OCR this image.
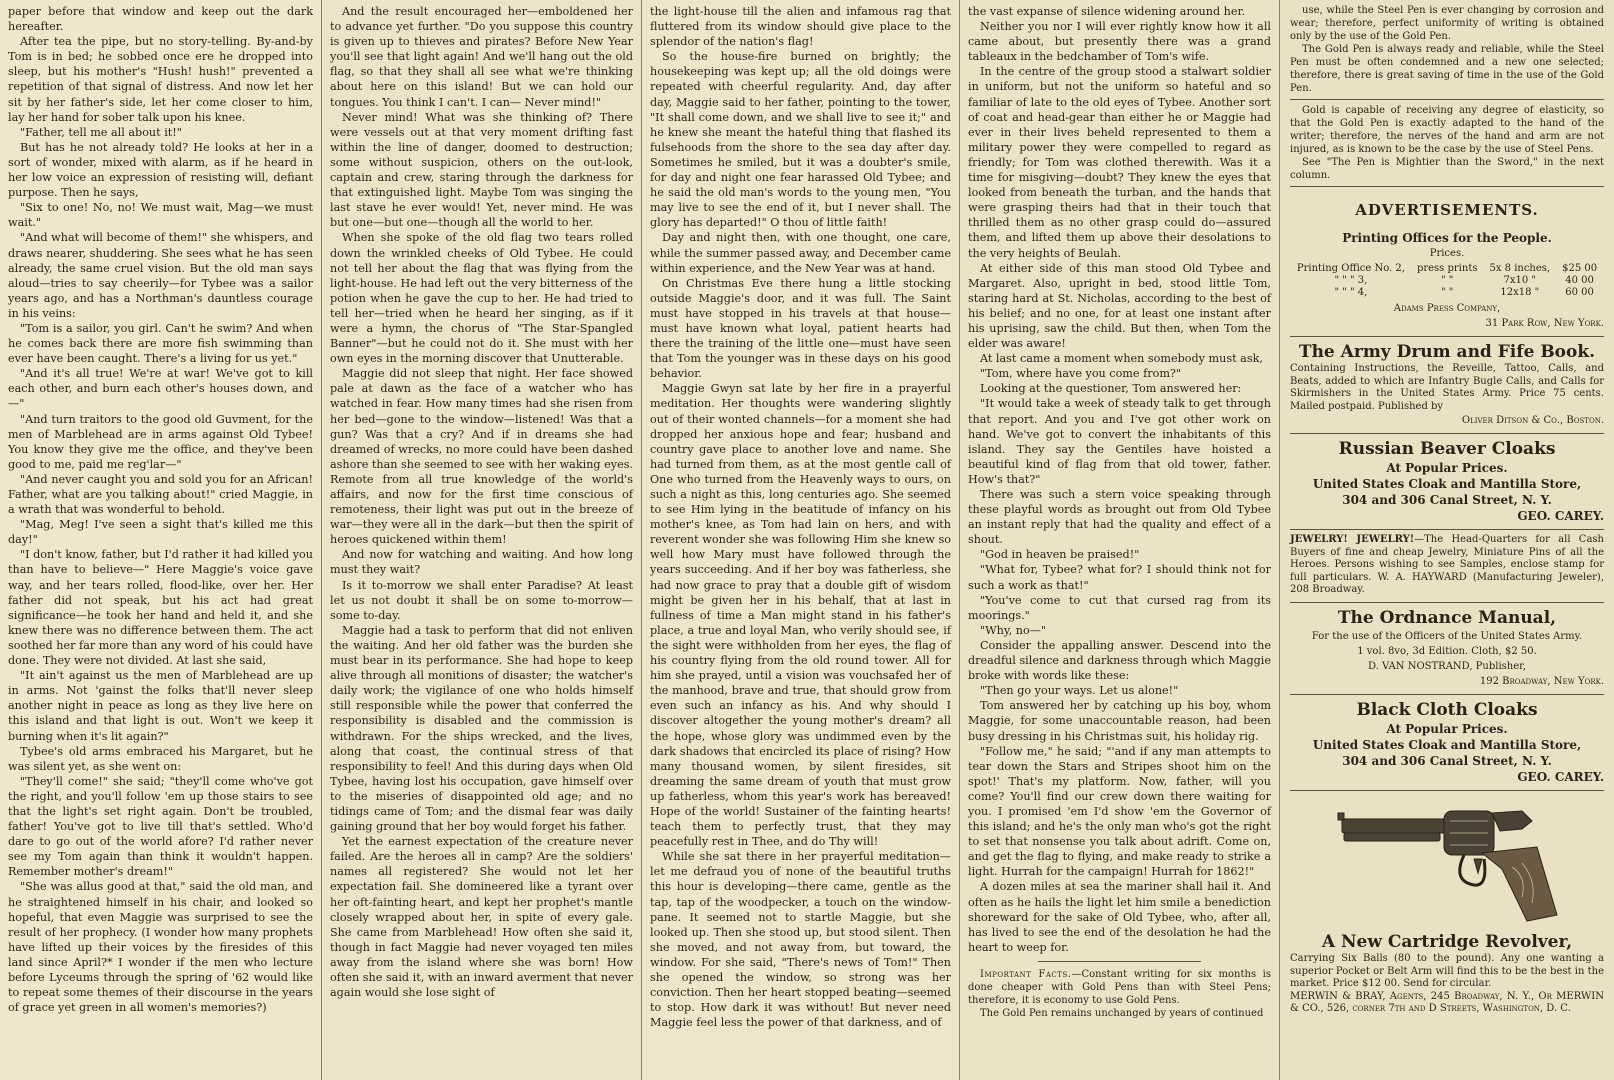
paper before that window and keep out the dark hereafter.

After tea the pipe, but no story-telling. By-and-by Tom is in bed; he sobbed once ere he dropped into sleep, but his mother's "Hush! hush!" prevented a repetition of that signal of distress. And now let her sit by her father's side, let her come closer to him, lay her hand for sober talk upon his knee.

"Father, tell me all about it!"

But has he not already told? He looks at her in a sort of wonder, mixed with alarm, as if he heard in her low voice an expression of resisting will, defiant purpose. Then he says,

"Six to one! No, no! We must wait, Mag—we must wait."

"And what will become of them!" she whispers, and draws nearer, shuddering. She sees what he has seen already, the same cruel vision. But the old man says aloud—tries to say cheerily—for Tybee was a sailor years ago, and has a Northman's dauntless courage in his veins:

"Tom is a sailor, you girl. Can't he swim? And when he comes back there are more fish swimming than ever have been caught. There's a living for us yet."

"And it's all true! We're at war! We've got to kill each other, and burn each other's houses down, and—"

"And turn traitors to the good old Guvment, for the men of Marblehead are in arms against Old Tybee! You know they give me the office, and they've been good to me, paid me reg'lar—"

"And never caught you and sold you for an African! Father, what are you talking about!" cried Maggie, in a wrath that was wonderful to behold.

"Mag, Meg! I've seen a sight that's killed me this day!"

"I don't know, father, but I'd rather it had killed you than have to believe—" Here Maggie's voice gave way, and her tears rolled, flood-like, over her. Her father did not speak, but his act had great significance—he took her hand and held it, and she knew there was no difference between them. The act soothed her far more than any word of his could have done. They were not divided. At last she said,

"It ain't against us the men of Marblehead are up in arms. Not 'gainst the folks that'll never sleep another night in peace as long as they live here on this island and that light is out. Won't we keep it burning when it's lit again?"

Tybee's old arms embraced his Margaret, but he was silent yet, as she went on:

"They'll come!" she said; "they'll come who've got the right, and you'll follow 'em up those stairs to see that the light's set right again. Don't be troubled, father! You've got to live till that's settled. Who'd dare to go out of the world afore? I'd rather never see my Tom again than think it wouldn't happen. Remember mother's dream!"

"She was allus good at that," said the old man, and he straightened himself in his chair, and looked so hopeful, that even Maggie was surprised to see the result of her prophecy. (I wonder how many prophets have lifted up their voices by the firesides of this land since April?* I wonder if the men who lecture before Lyceums through the spring of '62 would like to repeat some themes of their discourse in the years of grace yet green in all women's memories?)

And the result encouraged her—emboldened her to advance yet further. "Do you suppose this country is given up to thieves and pirates? Before New Year you'll see that light again! And we'll hang out the old flag, so that they shall all see what we're thinking about here on this island! But we can hold our tongues. You think I can't. I can— Never mind!"

Never mind! What was she thinking of? There were vessels out at that very moment drifting fast within the line of danger, doomed to destruction; some without suspicion, others on the out-look, captain and crew, staring through the darkness for that extinguished light. Maybe Tom was singing the last stave he ever would! Yet, never mind. He was but one—but one—though all the world to her.

When she spoke of the old flag two tears rolled down the wrinkled cheeks of Old Tybee. He could not tell her about the flag that was flying from the light-house. He had left out the very bitterness of the potion when he gave the cup to her. He had tried to tell her—tried when he heard her singing, as if it were a hymn, the chorus of "The Star-Spangled Banner"—but he could not do it. She must with her own eyes in the morning discover that Unutterable.

Maggie did not sleep that night. Her face showed pale at dawn as the face of a watcher who has watched in fear. How many times had she risen from her bed—gone to the window—listened! Was that a gun? Was that a cry? And if in dreams she had dreamed of wrecks, no more could have been dashed ashore than she seemed to see with her waking eyes. Remote from all true knowledge of the world's affairs, and now for the first time conscious of remoteness, their light was put out in the breeze of war—they were all in the dark—but then the spirit of heroes quickened within them!

And now for watching and waiting. And how long must they wait?

Is it to-morrow we shall enter Paradise? At least let us not doubt it shall be on some to-morrow—some to-day.

Maggie had a task to perform that did not enliven the waiting. And her old father was the burden she must bear in its performance. She had hope to keep alive through all monitions of disaster; the watcher's daily work; the vigilance of one who holds himself still responsible while the power that conferred the responsibility is disabled and the commission is withdrawn. For the ships wrecked, and the lives, along that coast, the continual stress of that responsibility to feel! And this during days when Old Tybee, having lost his occupation, gave himself over to the miseries of disappointed old age; and no tidings came of Tom; and the dismal fear was daily gaining ground that her boy would forget his father.

Yet the earnest expectation of the creature never failed. Are the heroes all in camp? Are the soldiers' names all registered? She would not let her expectation fail. She domineered like a tyrant over her oft-fainting heart, and kept her prophet's mantle closely wrapped about her, in spite of every gale. She came from Marblehead! How often she said it, though in fact Maggie had never voyaged ten miles away from the island where she was born! How often she said it, with an inward averment that never again would she lose sight of

the light-house till the alien and infamous rag that fluttered from its window should give place to the splendor of the nation's flag!

So the house-fire burned on brightly; the housekeeping was kept up; all the old doings were repeated with cheerful regularity. And, day after day, Maggie said to her father, pointing to the tower, "It shall come down, and we shall live to see it;" and he knew she meant the hateful thing that flashed its fulsehoods from the shore to the sea day after day. Sometimes he smiled, but it was a doubter's smile, for day and night one fear harassed Old Tybee; and he said the old man's words to the young men, "You may live to see the end of it, but I never shall. The glory has departed!" O thou of little faith!

Day and night then, with one thought, one care, while the summer passed away, and December came within experience, and the New Year was at hand.

On Christmas Eve there hung a little stocking outside Maggie's door, and it was full. The Saint must have stopped in his travels at that house—must have known what loyal, patient hearts had there the training of the little one—must have seen that Tom the younger was in these days on his good behavior.

Maggie Gwyn sat late by her fire in a prayerful meditation. Her thoughts were wandering slightly out of their wonted channels—for a moment she had dropped her anxious hope and fear; husband and country gave place to another love and name. She had turned from them, as at the most gentle call of One who turned from the Heavenly ways to ours, on such a night as this, long centuries ago. She seemed to see Him lying in the beatitude of infancy on his mother's knee, as Tom had lain on hers, and with reverent wonder she was following Him she knew so well how Mary must have followed through the years succeeding. And if her boy was fatherless, she had now grace to pray that a double gift of wisdom might be given her in his behalf, that at last in fullness of time a Man might stand in his father's place, a true and loyal Man, who verily should see, if the sight were withholden from her eyes, the flag of his country flying from the old round tower. All for him she prayed, until a vision was vouchsafed her of the manhood, brave and true, that should grow from even such an infancy as his. And why should I discover altogether the young mother's dream? all the hope, whose glory was undimmed even by the dark shadows that encircled its place of rising? How many thousand women, by silent firesides, sit dreaming the same dream of youth that must grow up fatherless, whom this year's work has bereaved! Hope of the world! Sustainer of the fainting hearts! teach them to perfectly trust, that they may peacefully rest in Thee, and do Thy will!

While she sat there in her prayerful meditation—let me defraud you of none of the beautiful truths this hour is developing—there came, gentle as the tap, tap of the woodpecker, a touch on the window-pane. It seemed not to startle Maggie, but she looked up. Then she stood up, but stood silent. Then she moved, and not away from, but toward, the window. For she said, "There's news of Tom!" Then she opened the window, so strong was her conviction. Then her heart stopped beating—seemed to stop. How dark it was without! But never need Maggie feel less the power of that darkness, and of

the vast expanse of silence widening around her.

Neither you nor I will ever rightly know how it all came about, but presently there was a grand tableaux in the bedchamber of Tom's wife.

In the centre of the group stood a stalwart soldier in uniform, but not the uniform so hateful and so familiar of late to the old eyes of Tybee. Another sort of coat and head-gear than either he or Maggie had ever in their lives beheld represented to them a military power they were compelled to regard as friendly; for Tom was clothed therewith. Was it a time for misgiving—doubt? They knew the eyes that looked from beneath the turban, and the hands that were grasping theirs had that in their touch that thrilled them as no other grasp could do—assured them, and lifted them up above their desolations to the very heights of Beulah.

At either side of this man stood Old Tybee and Margaret. Also, upright in bed, stood little Tom, staring hard at St. Nicholas, according to the best of his belief; and no one, for at least one instant after his uprising, saw the child. But then, when Tom the elder was aware!

At last came a moment when somebody must ask,

"Tom, where have you come from?"

Looking at the questioner, Tom answered her:

"It would take a week of steady talk to get through that report. And you and I've got other work on hand. We've got to convert the inhabitants of this island. They say the Gentiles have hoisted a beautiful kind of flag from that old tower, father. How's that?"

There was such a stern voice speaking through these playful words as brought out from Old Tybee an instant reply that had the quality and effect of a shout.

"God in heaven be praised!"

"What for, Tybee? what for? I should think not for such a work as that!"

"You've come to cut that cursed rag from its moorings."

"Why, no—"

Consider the appalling answer. Descend into the dreadful silence and darkness through which Maggie broke with words like these:

"Then go your ways. Let us alone!"

Tom answered her by catching up his boy, whom Maggie, for some unaccountable reason, had been busy dressing in his Christmas suit, his holiday rig.

"Follow me," he said; "'and if any man attempts to tear down the Stars and Stripes shoot him on the spot!' That's my platform. Now, father, will you come? You'll find our crew down there waiting for you. I promised 'em I'd show 'em the Governor of this island; and he's the only man who's got the right to set that nonsense you talk about adrift. Come on, and get the flag to flying, and make ready to strike a light. Hurrah for the campaign! Hurrah for 1862!"

A dozen miles at sea the mariner shall hail it. And often as he hails the light let him smile a benediction shoreward for the sake of Old Tybee, who, after all, has lived to see the end of the desolation he had the heart to weep for.

Important Facts.—Constant writing for six months is done cheaper with Gold Pens than with Steel Pens; therefore, it is economy to use Gold Pens.

The Gold Pen remains unchanged by years of continued

use, while the Steel Pen is ever changing by corrosion and wear; therefore, perfect uniformity of writing is obtained only by the use of the Gold Pen.

The Gold Pen is always ready and reliable, while the Steel Pen must be often condemned and a new one selected; therefore, there is great saving of time in the use of the Gold Pen.

Gold is capable of receiving any degree of elasticity, so that the Gold Pen is exactly adapted to the hand of the writer; therefore, the nerves of the hand and arm are not injured, as is known to be the case by the use of Steel Pens.

See "The Pen is Mightier than the Sword," in the next column.

ADVERTISEMENTS.
Printing Offices for the People.
Prices.
Printing Office No. 2,	press prints	5x 8 inches,	$25 00
" " " 3,	" "	7x10 "	40 00
" " " 4,	" "	12x18 "	60 00
Adams Press Company,
31 Park Row, New York.
The Army Drum and Fife Book.
Containing Instructions, the Reveille, Tattoo, Calls, and Beats, added to which are Infantry Bugle Calls, and Calls for Skirmishers in the United States Army. Price 75 cents. Mailed postpaid. Published by
Oliver Ditson & Co., Boston.
Russian Beaver Cloaks
At Popular Prices.
United States Cloak and Mantilla Store,
304 and 306 Canal Street, N. Y.
GEO. CAREY.
JEWELRY! JEWELRY!—The Head-Quarters for all Cash Buyers of fine and cheap Jewelry, Miniature Pins of all the Heroes. Persons wishing to see Samples, enclose stamp for full particulars. W. A. HAYWARD (Manufacturing Jeweler), 208 Broadway.
The Ordnance Manual,
For the use of the Officers of the United States Army.
1 vol. 8vo, 3d Edition. Cloth, $2 50.
D. VAN NOSTRAND, Publisher,
192 Broadway, New York.
Black Cloth Cloaks
At Popular Prices.
United States Cloak and Mantilla Store,
304 and 306 Canal Street, N. Y.
GEO. CAREY.
A New Cartridge Revolver,
Carrying Six Balls (80 to the pound). Any one wanting a superior Pocket or Belt Arm will find this to be the best in the market. Price $12 00. Send for circular.
MERWIN & BRAY, Agents, 245 Broadway, N. Y., Or MERWIN & CO., 526, corner 7th and D Streets, Washington, D. C.
